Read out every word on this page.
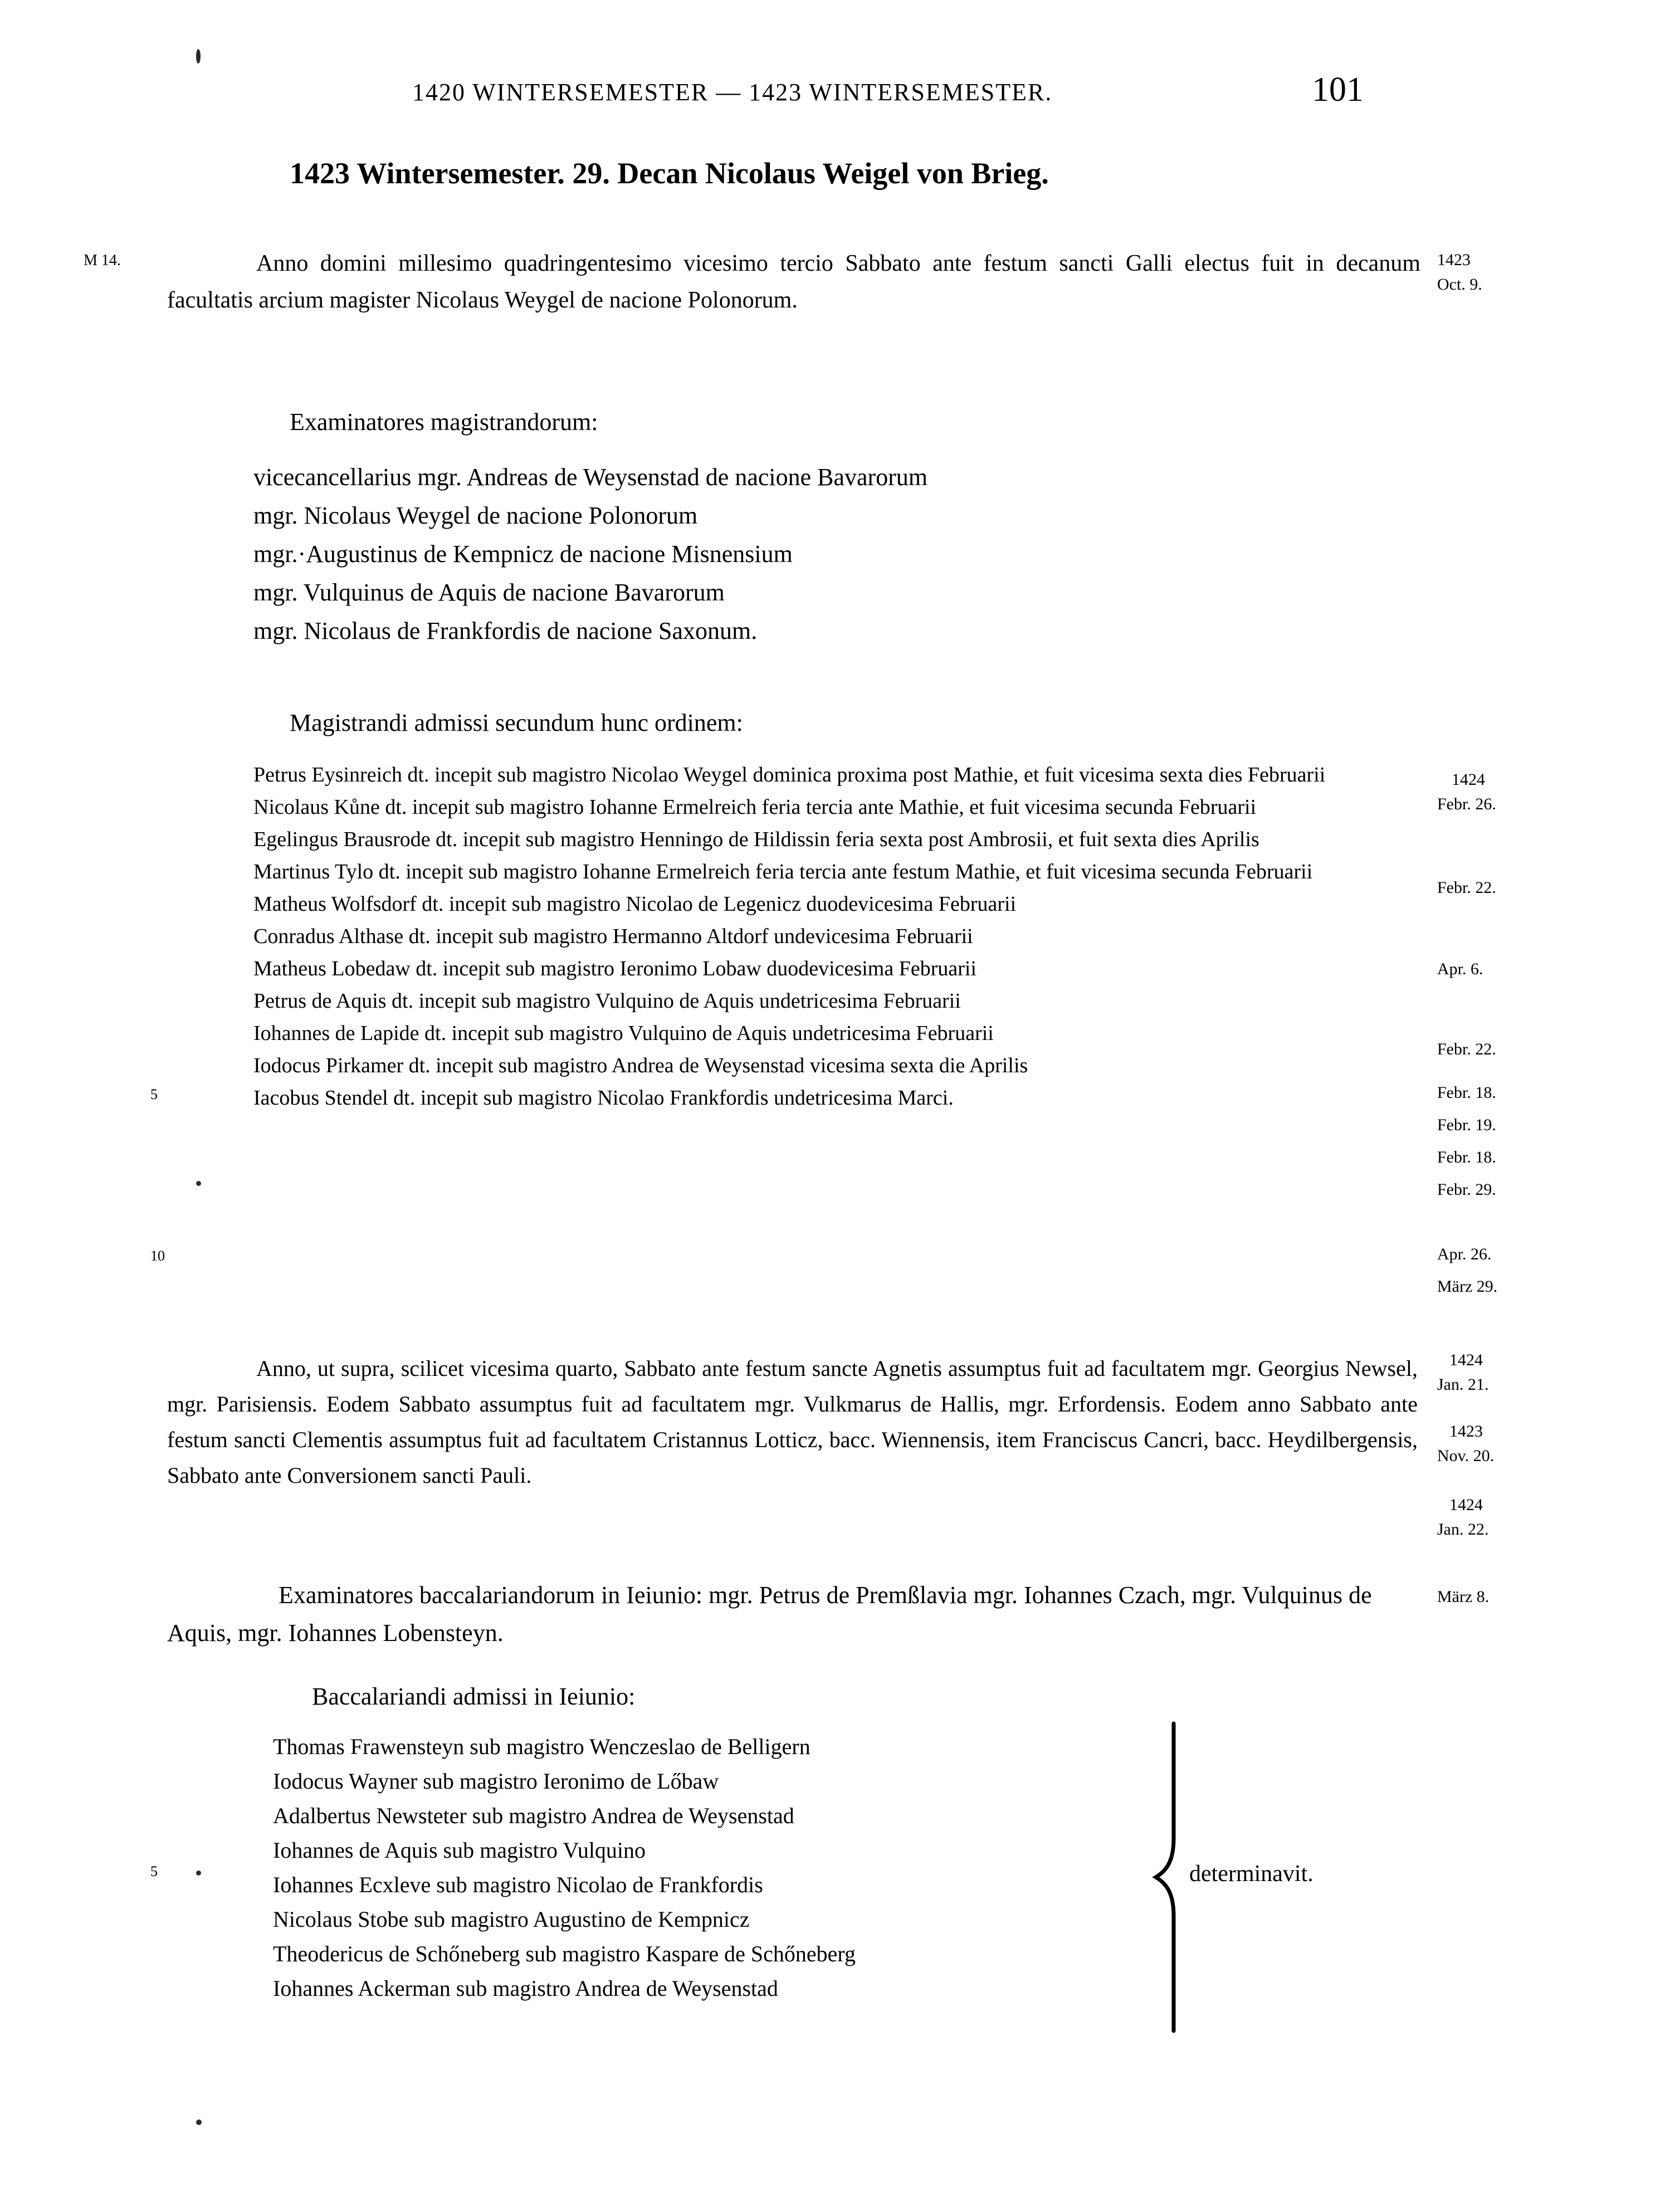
1420 WINTERSEMESTER — 1423 WINTERSEMESTER.	101
1423 Wintersemester. 29. Decan Nicolaus Weigel von Brieg.
M 14.	Anno domini millesimo quadringentesimo vicesimo tercio Sabbato ante festum sancti Galli electus fuit in decanum facultatis arcium magister Nicolaus Weygel de nacione Polonorum.
1423
Oct. 9.
Examinatores magistrandorum:
vicecancellarius mgr. Andreas de Weysenstad de nacione Bavarorum
mgr. Nicolaus Weygel de nacione Polonorum
mgr.·Augustinus de Kempnicz de nacione Misnensium
mgr. Vulquinus de Aquis de nacione Bavarorum
mgr. Nicolaus de Frankfordis de nacione Saxonum.
Magistrandi admissi secundum hunc ordinem:
Petrus Eysinreich dt. incepit sub magistro Nicolao Weygel dominica proxima post Mathie, et fuit vicesima sexta dies Februarii
Nicolaus Kůne dt. incepit sub magistro Iohanne Ermelreich feria tercia ante Mathie, et fuit vicesima secunda Februarii
Egelingus Brausrode dt. incepit sub magistro Henningo de Hildissin feria sexta post Ambrosii, et fuit sexta dies Aprilis
Martinus Tylo dt. incepit sub magistro Iohanne Ermelreich feria tercia ante festum Mathie, et fuit vicesima secunda Februarii
Matheus Wolfsdorf dt. incepit sub magistro Nicolao de Legenicz duodevicesima Februarii
Conradus Althase dt. incepit sub magistro Hermanno Altdorf undevicesima Februarii
Matheus Lobedaw dt. incepit sub magistro Ieronimo Lobaw duodevicesima Februarii
Petrus de Aquis dt. incepit sub magistro Vulquino de Aquis undetricesima Februarii
Iohannes de Lapide dt. incepit sub magistro Vulquino de Aquis undetricesima Februarii
Iodocus Pirkamer dt. incepit sub magistro Andrea de Weysenstad vicesima sexta die Aprilis
Iacobus Stendel dt. incepit sub magistro Nicolao Frankfordis undetricesima Marci.
5
10
1424
Febr. 26.
Febr. 22.
Apr. 6.
Febr. 22.
Febr. 18.
Febr. 19.
Febr. 18.
Febr. 29.
Apr. 26.
März 29.
Anno, ut supra, scilicet vicesima quarto, Sabbato ante festum sancte Agnetis assumptus fuit ad facultatem mgr. Georgius Newsel, mgr. Parisiensis. Eodem Sabbato assumptus fuit ad facultatem mgr. Vulkmarus de Hallis, mgr. Erfordensis. Eodem anno Sabbato ante festum sancti Clementis assumptus fuit ad facultatem Cristannus Lotticz, bacc. Wiennensis, item Franciscus Cancri, bacc. Heydilbergensis, Sabbato ante Conversionem sancti Pauli.
1424
Jan. 21.
1423
Nov. 20.
1424
Jan. 22.
Examinatores baccalariandorum in Ieiunio: mgr. Petrus de Premßlavia mgr. Iohannes Czach, mgr. Vulquinus de Aquis, mgr. Iohannes Lobensteyn.
März 8.
Baccalariandi admissi in Ieiunio:
Thomas Frawensteyn sub magistro Wenczeslao de Belligern
Iodocus Wayner sub magistro Ieronimo de Lőbaw
Adalbertus Newsteter sub magistro Andrea de Weysenstad
Iohannes de Aquis sub magistro Vulquino
Iohannes Ecxleve sub magistro Nicolao de Frankfordis
Nicolaus Stobe sub magistro Augustino de Kempnicz
Theodericus de Schőneberg sub magistro Kaspare de Schőneberg
Iohannes Ackerman sub magistro Andrea de Weysenstad
5	determinavit.
